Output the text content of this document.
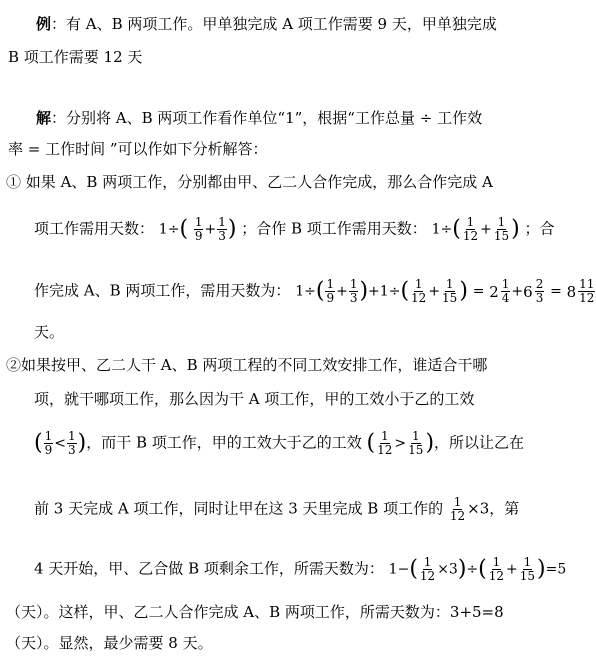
例：有 A、B 两项工作。甲单独完成 A 项工作需要 9 天，甲单独完成
B 项工作需要 12 天
解：分别将 A、B 两项工作看作单位“1”，根据“工作总量 ÷ 工作效
率 = 工作时间 ”可以作如下分析解答：
① 如果 A、B 两项工作，分别都由甲、乙二人合作完成，那么合作完成 A
项工作需用天数： $1\div( \frac{1}{9} + \frac{1}{3}$ ) ；合作 B 项工作需用天数： $1\div( \frac{1}{12} + \frac{1}{15}$ ) ；合
作完成 A、B 两项工作，需用天数为： $1\div( \frac{1}{9} + \frac{1}{3} )+1\div( \frac{1}{12} + \frac{1}{15}$ ) = $2 \frac{1}{4} + 6 \frac{2}{3} = 8 \frac{11}{12}$
天。
②如果按甲、乙二人干 A、B 两项工程的不同工效安排工作，谁适合干哪
项，就干哪项工作，那么因为干 A 项工作，甲的工效小于乙的工效
( $\frac{1}{9} < \frac{1}{3}$ )，而干 B 项工作，甲的工效大于乙的工效 ( $\frac{1}{12} > \frac{1}{15}$ )，所以让乙在
前 3 天完成 A 项工作，同时让甲在这 3 天里完成 B 项工作的 $\frac{1}{12} \times 3$，第
4 天开始，甲、乙合做 B 项剩余工作，所需天数为： $1-( \frac{1}{12} \times 3)\div( \frac{1}{12} + \frac{1}{15} )=5$
（天）。这样，甲、乙二人合作完成 A、B 两项工作，所需天数为：3+5=8
（天）。显然，最少需要 8 天。
